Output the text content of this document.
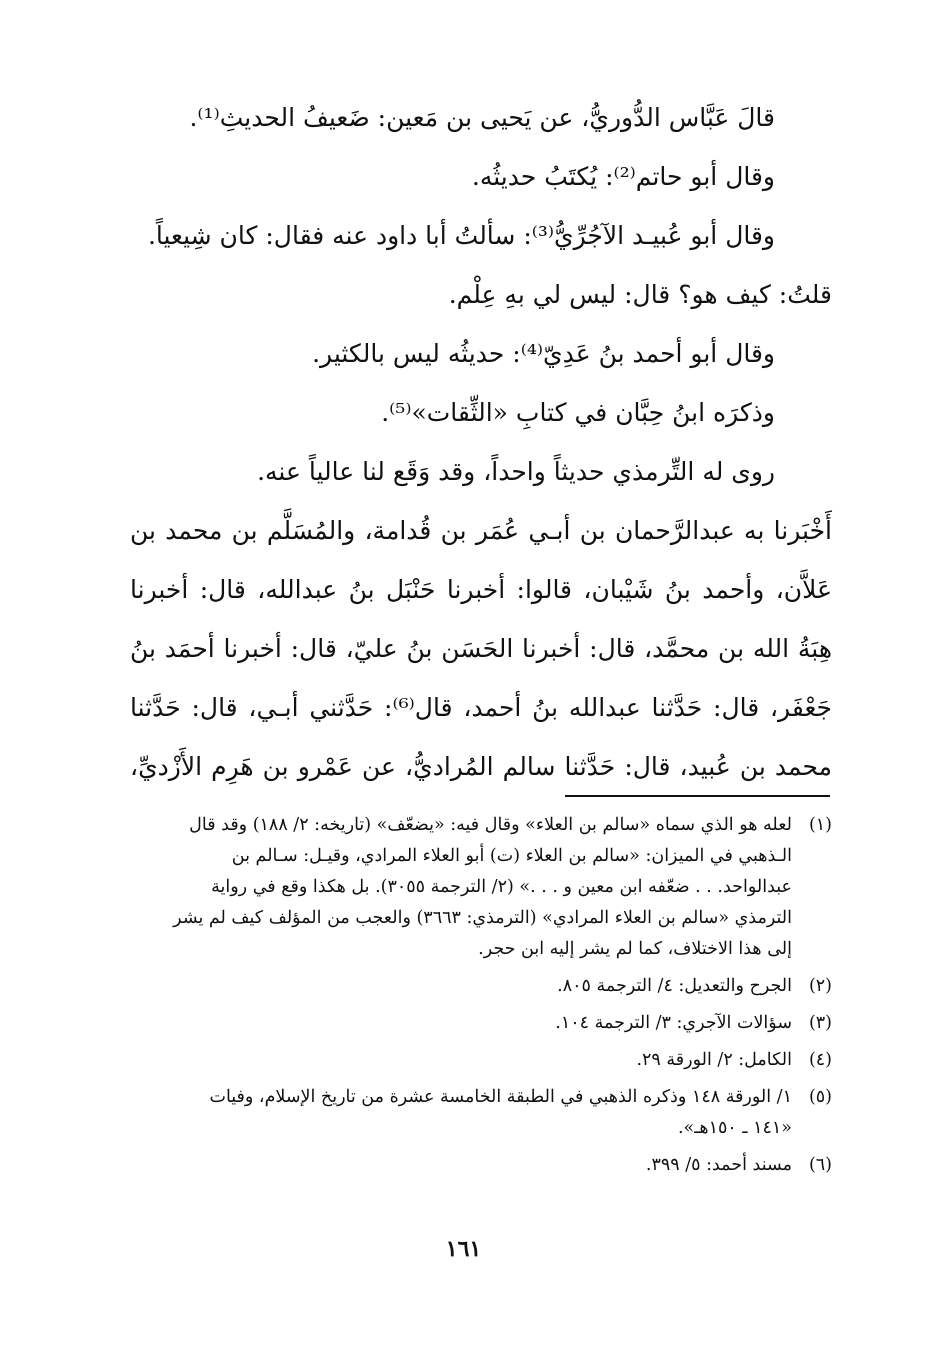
قالَ عَبَّاس الدُّوريُّ، عن يَحيى بن مَعين: ضَعيفُ الحديثِ⁽¹⁾.

وقال أبو حاتم⁽²⁾: يُكتَبُ حديثُه.

وقال أبو عُبيـد الآجُرِّيُّ⁽³⁾: سألتُ أبا داود عنه فقال: كان شِيعياً.

قلتُ: كيف هو؟ قال: ليس لي بهِ عِلْم.

وقال أبو أحمد بنُ عَدِيّ⁽⁴⁾: حديثُه ليس بالكثير.

وذكرَه ابنُ حِبَّان في كتابِ «الثِّقات»⁽⁵⁾.

روى له التِّرمذي حديثاً واحداً، وقد وَقَع لنا عالياً عنه.

أَخْبَرنا به عبدالرَّحمان بن أبـي عُمَر بن قُدامة، والمُسَلَّم بن محمد بن

عَلاَّن، وأحمد بنُ شَيْبان، قالوا: أخبرنا حَنْبَل بنُ عبدالله، قال: أخبرنا

هِبَةُ الله بن محمَّد، قال: أخبرنا الحَسَن بنُ عليّ، قال: أخبرنا أحمَد بنُ

جَعْفَر، قال: حَدَّثنا عبدالله بنُ أحمد، قال⁽⁶⁾: حَدَّثني أبـي، قال: حَدَّثنا

محمد بن عُبيد، قال: حَدَّثنا سالم المُراديُّ، عن عَمْرو بن هَرِم الأَزْديِّ،

(١)
لعله هو الذي سماه «سالم بن العلاء» وقال فيه: «يضعّف» (تاريخه: ٢/ ١٨٨) وقد قال
الـذهبي في الميزان: «سالم بن العلاء (ت) أبو العلاء المرادي، وقيـل: سـالم بن
عبدالواحد. . . ضعّفه ابن معين و . . .» (٢/ الترجمة ٣٠٥٥). بل هكذا وقع في رواية
الترمذي «سالم بن العلاء المرادي» (الترمذي: ٣٦٦٣) والعجب من المؤلف كيف لم يشر
إلى هذا الاختلاف، كما لم يشر إليه ابن حجر.
(٢)
الجرح والتعديل: ٤/ الترجمة ٨٠٥.
(٣)
سؤالات الآجري: ٣/ الترجمة ١٠٤.
(٤)
الكامل: ٢/ الورقة ٢٩.
(٥)
١/ الورقة ١٤٨ وذكره الذهبي في الطبقة الخامسة عشرة من تاريخ الإسلام، وفيات
«١٤١ ـ ١٥٠هـ».
(٦)
مسند أحمد: ٥/ ٣٩٩.
١٦١
